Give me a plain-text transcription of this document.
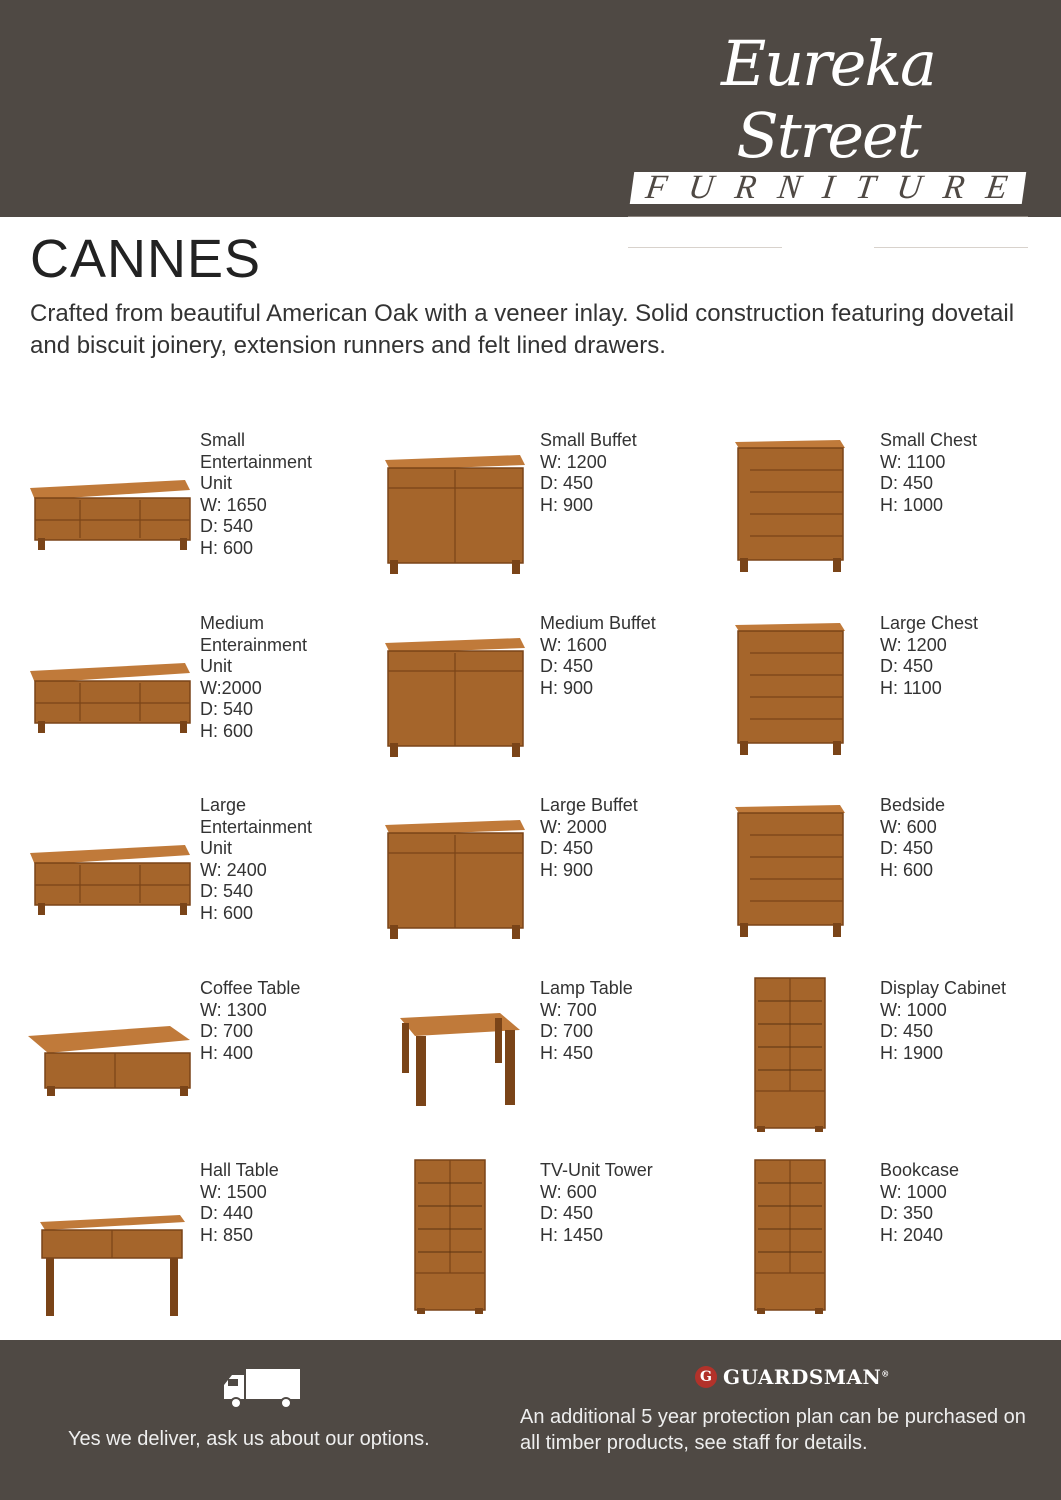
Eureka Street
FURNITURE
MODERN - CONTEMPORARY - TRADITIONAL
Since 1986
CANNES

Crafted from beautiful American Oak with a veneer inlay. Solid construction featuring dovetail and biscuit joinery, extension runners and felt lined drawers.

Small Entertainment Unit
W: 1650
D: 540
H: 600
Small Buffet
W: 1200
D: 450
H: 900
Small Chest
W: 1100
D: 450
H: 1000
Medium Enterainment Unit
W:2000
D: 540
H: 600
Medium Buffet
W: 1600
D: 450
H: 900
Large Chest
W: 1200
D: 450
H: 1100
Large Entertainment Unit
W: 2400
D: 540
H: 600
Large Buffet
W: 2000
D: 450
H: 900
Bedside
W: 600
D: 450
H: 600
Coffee Table
W: 1300
D: 700
H: 400
Lamp Table
W: 700
D: 700
H: 450
Display Cabinet
W: 1000
D: 450
H: 1900
Hall Table
W: 1500
D: 440
H: 850
TV-Unit Tower
W: 600
D: 450
H: 1450
Bookcase
W: 1000
D: 350
H: 2040
Yes we deliver, ask us about our options.
G GUARDSMAN®
An additional 5 year protection plan can be purchased on all timber products, see staff for details.
